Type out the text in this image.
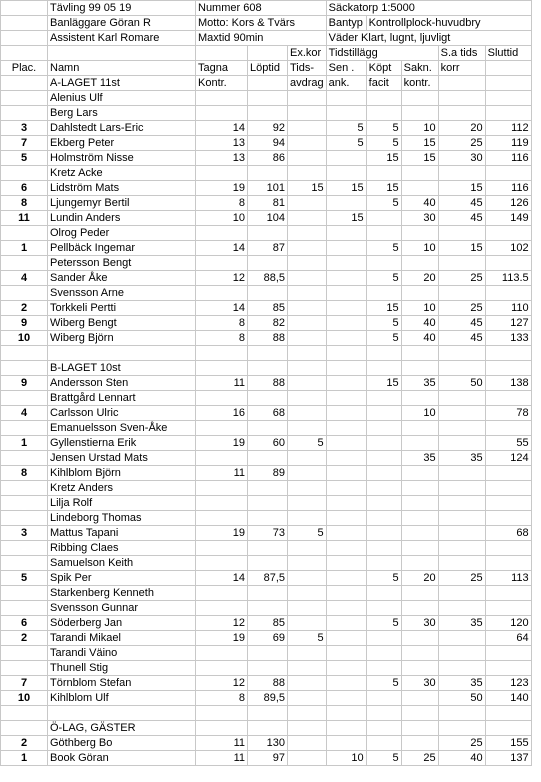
	Tävling 99 05 19	Nummer 608			Säckatorp 1:5000				
	Banläggare Göran R	Motto: Kors & Tvärs			Bantyp	Kontrollplock-huvudbry			
	Assistent Karl Romare	Maxtid 90min			Väder Klart, lugnt, ljuvligt				
				Ex.kor	Tidstillägg			S.a tids	Sluttid
Plac.	Namn	Tagna	Löptid	Tids-	Sen .	Köpt	Sakn.	korr	
	A-LAGET 11st	Kontr.		avdrag	ank.	facit	kontr.		
	Alenius Ulf								
	Berg Lars								
3	Dahlstedt Lars-Eric	14	92		5	5	10	20	112
7	Ekberg Peter	13	94		5	5	15	25	119
5	Holmström Nisse	13	86			15	15	30	116
	Kretz Acke								
6	Lidström Mats	19	101	15	15	15		15	116
8	Ljungemyr Bertil	8	81			5	40	45	126
11	Lundin Anders	10	104		15		30	45	149
	Olrog Peder								
1	Pellbäck Ingemar	14	87			5	10	15	102
	Petersson Bengt								
4	Sander Åke	12	88,5			5	20	25	113.5
	Svensson Arne								
2	Torkkeli Pertti	14	85			15	10	25	110
9	Wiberg Bengt	8	82			5	40	45	127
10	Wiberg Björn	8	88			5	40	45	133

	B-LAGET 10st								
9	Andersson Sten	11	88			15	35	50	138
	Brattgård Lennart								
4	Carlsson Ulric	16	68				10		78
	Emanuelsson Sven-Åke								
1	Gyllenstierna Erik	19	60	5					55
	Jensen Urstad Mats						35	35	124
8	Kihlblom Björn	11	89						
	Kretz Anders								
	Lilja Rolf								
	Lindeborg Thomas								
3	Mattus Tapani	19	73	5					68
	Ribbing Claes								
	Samuelson Keith								
5	Spik Per	14	87,5			5	20	25	113
	Starkenberg Kenneth								
	Svensson Gunnar								
6	Söderberg Jan	12	85			5	30	35	120
2	Tarandi Mikael	19	69	5					64
	Tarandi Väino								
	Thunell Stig								
7	Törnblom Stefan	12	88			5	30	35	123
10	Kihlblom Ulf	8	89,5					50	140

	Ö-LAG, GÄSTER								
2	Göthberg Bo	11	130					25	155
1	Book Göran	11	97		10	5	25	40	137
